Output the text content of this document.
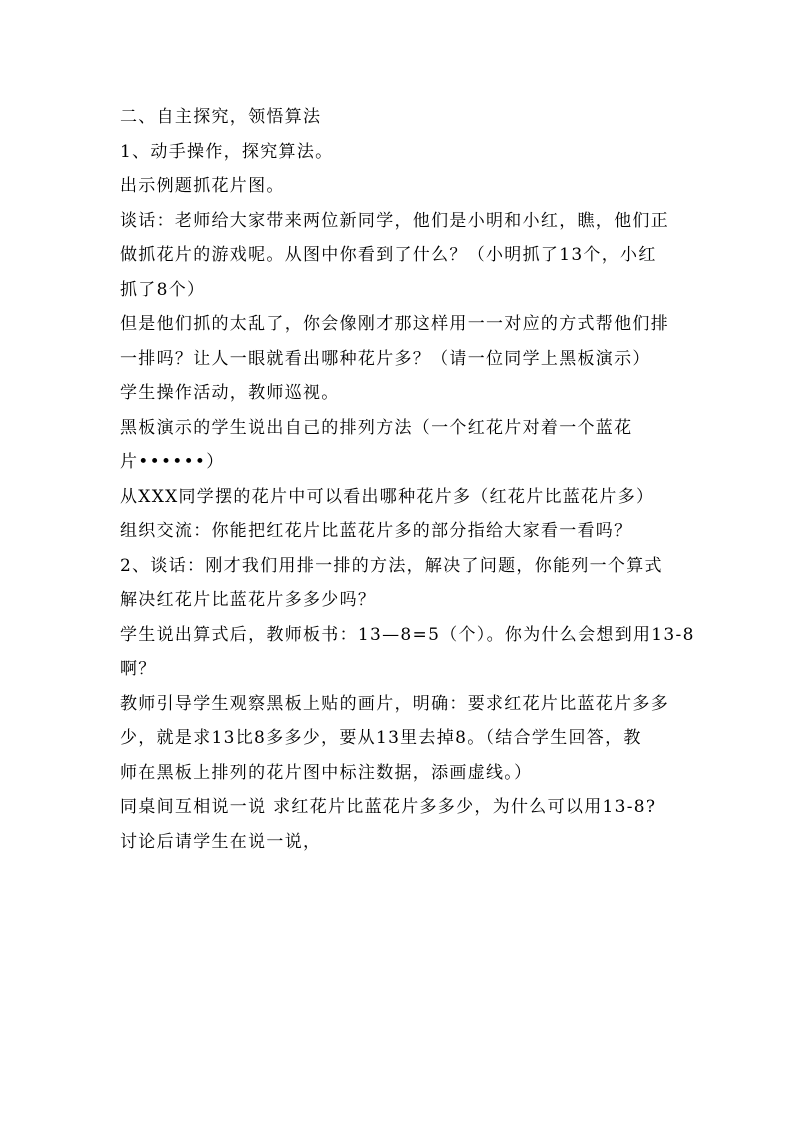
二、自主探究，领悟算法
1、动手操作，探究算法。
出示例题抓花片图。
谈话：老师给大家带来两位新同学，他们是小明和小红，瞧，他们正
做抓花片的游戏呢。从图中你看到了什么？（小明抓了13个，小红
抓了8个）
但是他们抓的太乱了，你会像刚才那这样用一一对应的方式帮他们排
一排吗？让人一眼就看出哪种花片多？（请一位同学上黑板演示）
学生操作活动，教师巡视。
黑板演示的学生说出自己的排列方法（一个红花片对着一个蓝花
片••••••）
从XXX同学摆的花片中可以看出哪种花片多（红花片比蓝花片多）
组织交流：你能把红花片比蓝花片多的部分指给大家看一看吗？
2、谈话：刚才我们用排一排的方法，解决了问题，你能列一个算式
解决红花片比蓝花片多多少吗？
学生说出算式后，教师板书：13—8=5（个）。你为什么会想到用13-8
啊？
教师引导学生观察黑板上贴的画片，明确：要求红花片比蓝花片多多
少，就是求13比8多多少，要从13里去掉8。（结合学生回答，教
师在黑板上排列的花片图中标注数据，添画虚线。）
同桌间互相说一说 求红花片比蓝花片多多少，为什么可以用13-8?
讨论后请学生在说一说，
